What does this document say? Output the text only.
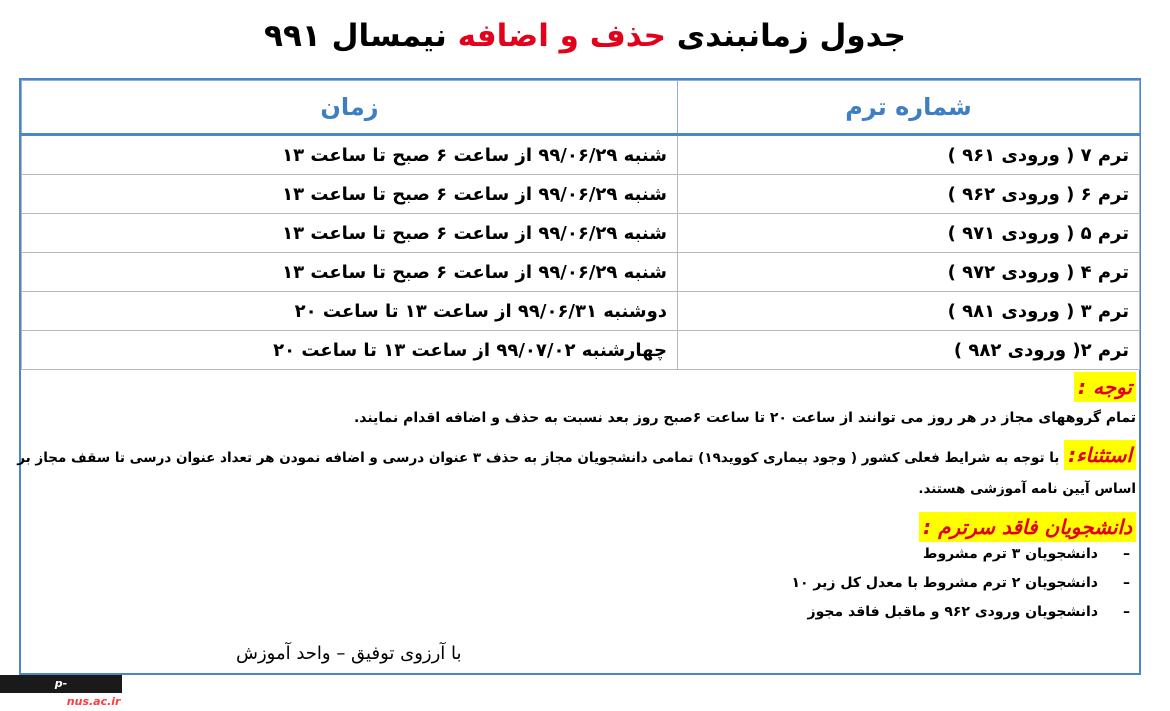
جدول زمانبندی حذف و اضافه نیمسال ۹۹۱
شماره ترم	زمان
ترم ۷ ( ورودی ۹۶۱ )	شنبه ۹۹/۰۶/۲۹ از ساعت ۶ صبح تا ساعت ۱۳
ترم ۶ ( ورودی ۹۶۲ )	شنبه ۹۹/۰۶/۲۹ از ساعت ۶ صبح تا ساعت ۱۳
ترم ۵ ( ورودی ۹۷۱ )	شنبه ۹۹/۰۶/۲۹ از ساعت ۶ صبح تا ساعت ۱۳
ترم ۴ ( ورودی ۹۷۲ )	شنبه ۹۹/۰۶/۲۹ از ساعت ۶ صبح تا ساعت ۱۳
ترم ۳ ( ورودی ۹۸۱ )	دوشنبه ۹۹/۰۶/۳۱ از ساعت ۱۳ تا ساعت ۲۰
ترم ۲( ورودی ۹۸۲ )	چهارشنبه ۹۹/۰۷/۰۲ از ساعت ۱۳ تا ساعت ۲۰
توجه :
تمام گروههای مجاز در هر روز می توانند از ساعت ۲۰ تا ساعت ۶صبح روز بعد نسبت به حذف و اضافه اقدام نمایند.
استثناء: با توجه به شرایط فعلی کشور ( وجود بیماری کووید۱۹) تمامی دانشجویان مجاز به حذف ۳ عنوان درسی و اضافه نمودن هر تعداد عنوان درسی تا سقف مجاز بر
اساس آیین نامه آموزشی هستند.
دانشجویان فاقد سرترم :
–دانشجویان ۳ ترم مشروط
–دانشجویان ۲ ترم مشروط با معدل کل زیر ۱۰
–دانشجویان ورودی ۹۶۲ و ماقبل فاقد مجوز
با آرزوی توفیق – واحد آموزش
p-safadasht.nus.ac.ir
